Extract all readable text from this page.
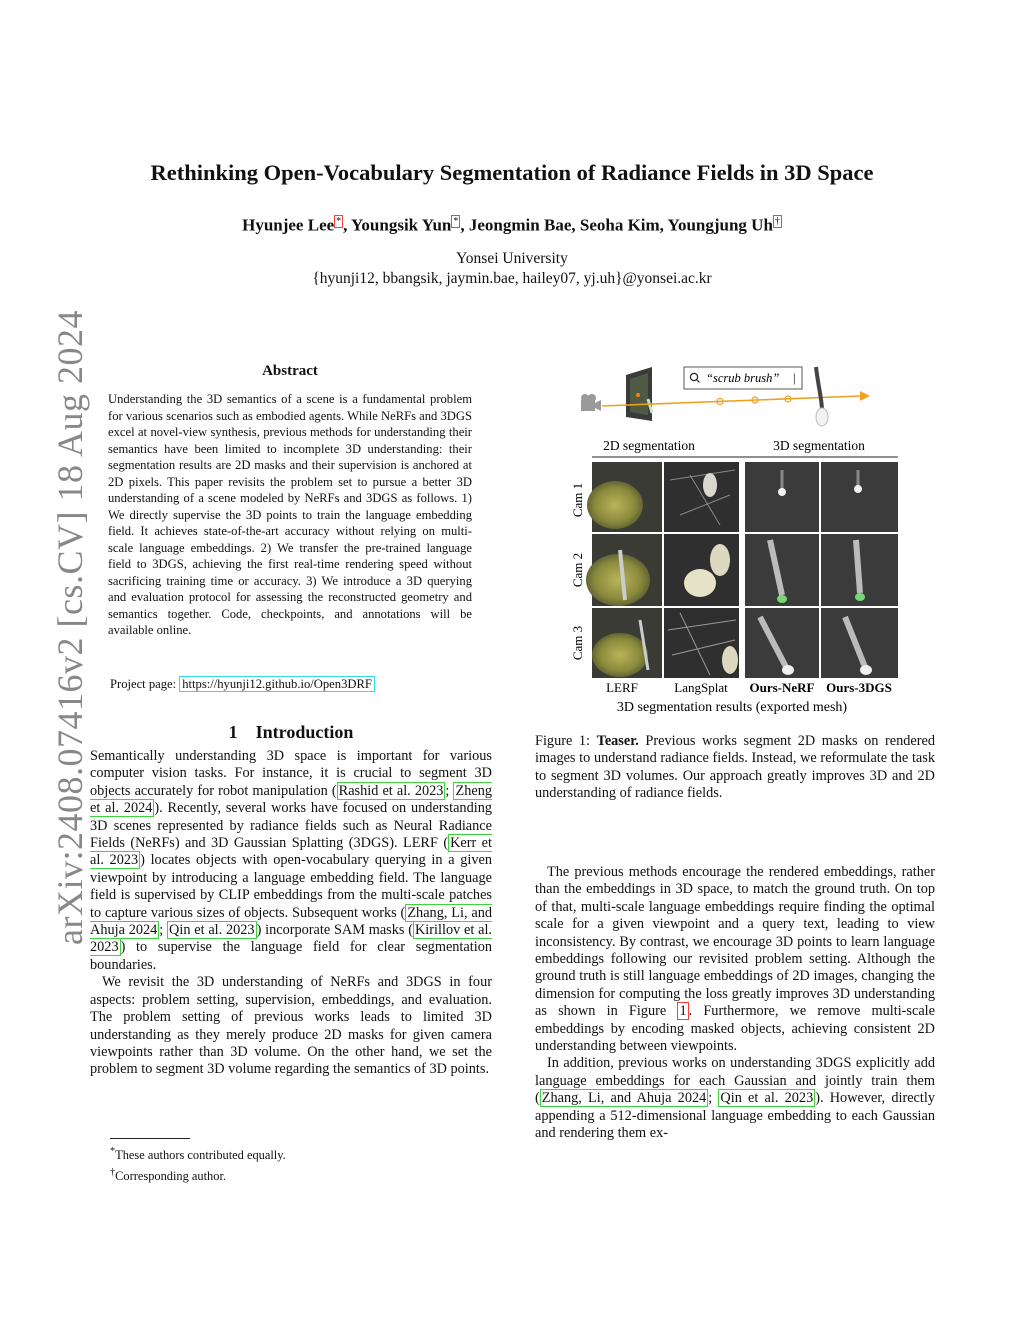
arXiv:2408.07416v2 [cs.CV] 18 Aug 2024
Rethinking Open-Vocabulary Segmentation of Radiance Fields in 3D Space
Hyunjee Lee * , Youngsik Yun * , Jeongmin Bae, Seoha Kim, Youngjung Uh †
Yonsei University
{hyunji12, bbangsik, jaymin.bae, hailey07, yj.uh}@yonsei.ac.kr
Abstract
Understanding the 3D semantics of a scene is a fundamental problem for various scenarios such as embodied agents. While NeRFs and 3DGS excel at novel-view synthesis, previous methods for understanding their semantics have been limited to incomplete 3D understanding: their segmentation results are 2D masks and their supervision is anchored at 2D pixels. This paper revisits the problem set to pursue a better 3D understanding of a scene modeled by NeRFs and 3DGS as follows. 1) We directly supervise the 3D points to train the language embedding field. It achieves state-of-the-art accuracy without relying on multi-scale language embeddings. 2) We transfer the pre-trained language field to 3DGS, achieving the first real-time rendering speed without sacrificing training time or accuracy. 3) We introduce a 3D querying and evaluation protocol for assessing the reconstructed geometry and semantics together. Code, checkpoints, and annotations will be available online.
Project page: https://hyunji12.github.io/Open3DRF
1 Introduction

Semantically understanding 3D space is important for various computer vision tasks. For instance, it is crucial to segment 3D objects accurately for robot manipulation ( Rashid et al. 2023 ; Zheng et al. 2024 ). Recently, several works have focused on understanding 3D scenes represented by radiance fields such as Neural Radiance Fields (NeRFs) and 3D Gaussian Splatting (3DGS). LERF ( Kerr et al. 2023 ) locates objects with open-vocabulary querying in a given viewpoint by introducing a language embedding field. The language field is supervised by CLIP embeddings from the multi-scale patches to capture various sizes of objects. Subsequent works ( Zhang, Li, and Ahuja 2024 ; Qin et al. 2023 ) incorporate SAM masks ( Kirillov et al. 2023 ) to supervise the language field for clear segmentation boundaries.

We revisit the 3D understanding of NeRFs and 3DGS in four aspects: problem setting, supervision, embeddings, and evaluation. The problem setting of previous works leads to limited 3D understanding as they merely produce 2D masks for given camera viewpoints rather than 3D volume. On the other hand, we set the problem to segment 3D volume regarding the semantics of 3D points.

*These authors contributed equally.
†Corresponding author.
“scrub brush” |
2D segmentation	3D segmentation
Cam 1
Cam 2
Cam 3
LERF	LangSplat Ours-NeRF Ours-3DGS
3D segmentation results (exported mesh)
Figure 1: Teaser. Previous works segment 2D masks on rendered images to understand radiance fields. Instead, we reformulate the task to segment 3D volumes. Our approach greatly improves 3D and 2D understanding of radiance fields.

The previous methods encourage the rendered embeddings, rather than the embeddings in 3D space, to match the ground truth. On top of that, multi-scale language embeddings require finding the optimal scale for a given viewpoint and a query text, leading to view inconsistency. By contrast, we encourage 3D points to learn language embeddings following our revisited problem setting. Although the ground truth is still language embeddings of 2D images, changing the dimension for computing the loss greatly improves 3D understanding as shown in Figure 1 . Furthermore, we remove multi-scale embeddings by encoding masked objects, achieving consistent 2D understanding between viewpoints.

In addition, previous works on understanding 3DGS explicitly add language embeddings for each Gaussian and jointly train them ( Zhang, Li, and Ahuja 2024 ; Qin et al. 2023 ). However, directly appending a 512-dimensional language embedding to each Gaussian and rendering them ex-
